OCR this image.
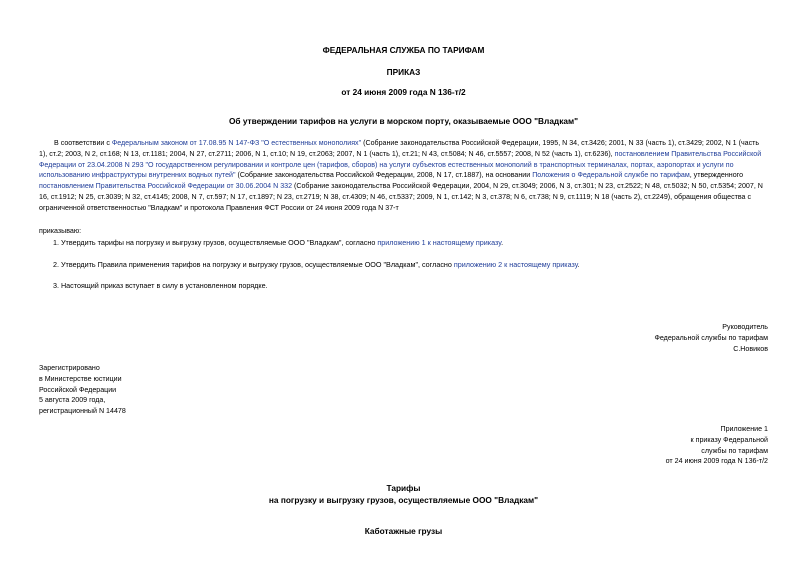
ФЕДЕРАЛЬНАЯ СЛУЖБА ПО ТАРИФАМ
ПРИКАЗ
от 24 июня 2009 года N 136-т/2
Об утверждении тарифов на услуги в морском порту, оказываемые ООО "Владкам"
В соответствии с Федеральным законом от 17.08.95 N 147-ФЗ "О естественных монополиях" (Собрание законодательства Российской Федерации, 1995, N 34, ст.3426; 2001, N 33 (часть 1), ст.3429; 2002, N 1 (часть 1), ст.2; 2003, N 2, ст.168; N 13, ст.1181; 2004, N 27, ст.2711; 2006, N 1, ст.10; N 19, ст.2063; 2007, N 1 (часть 1), ст.21; N 43, ст.5084; N 46, ст.5557; 2008, N 52 (часть 1), ст.6236), постановлением Правительства Российской Федерации от 23.04.2008 N 293 "О государственном регулировании и контроле цен (тарифов, сборов) на услуги субъектов естественных монополий в транспортных терминалах, портах, аэропортах и услуги по использованию инфраструктуры внутренних водных путей" (Собрание законодательства Российской Федерации, 2008, N 17, ст.1887), на основании Положения о Федеральной службе по тарифам, утвержденного постановлением Правительства Российской Федерации от 30.06.2004 N 332 (Собрание законодательства Российской Федерации, 2004, N 29, ст.3049; 2006, N 3, ст.301; N 23, ст.2522; N 48, ст.5032; N 50, ст.5354; 2007, N 16, ст.1912; N 25, ст.3039; N 32, ст.4145; 2008, N 7, ст.597; N 17, ст.1897; N 23, ст.2719; N 38, ст.4309; N 46, ст.5337; 2009, N 1, ст.142; N 3, ст.378; N 6, ст.738; N 9, ст.1119; N 18 (часть 2), ст.2249), обращения общества с ограниченной ответственностью "Владкам" и протокола Правления ФСТ России от 24 июня 2009 года N 37-т
приказываю:
1. Утвердить тарифы на погрузку и выгрузку грузов, осуществляемые ООО "Владкам", согласно приложению 1 к настоящему приказу.
2. Утвердить Правила применения тарифов на погрузку и выгрузку грузов, осуществляемые ООО "Владкам", согласно приложению 2 к настоящему приказу.
3. Настоящий приказ вступает в силу в установленном порядке.
Руководитель
Федеральной службы по тарифам
С.Новиков
Зарегистрировано
в Министерстве юстиции
Российской Федерации
5 августа 2009 года,
регистрационный N 14478
Приложение 1
к приказу Федеральной
службы по тарифам
от 24 июня 2009 года N 136-т/2
Тарифы
на погрузку и выгрузку грузов, осуществляемые ООО "Владкам"
Каботажные грузы
